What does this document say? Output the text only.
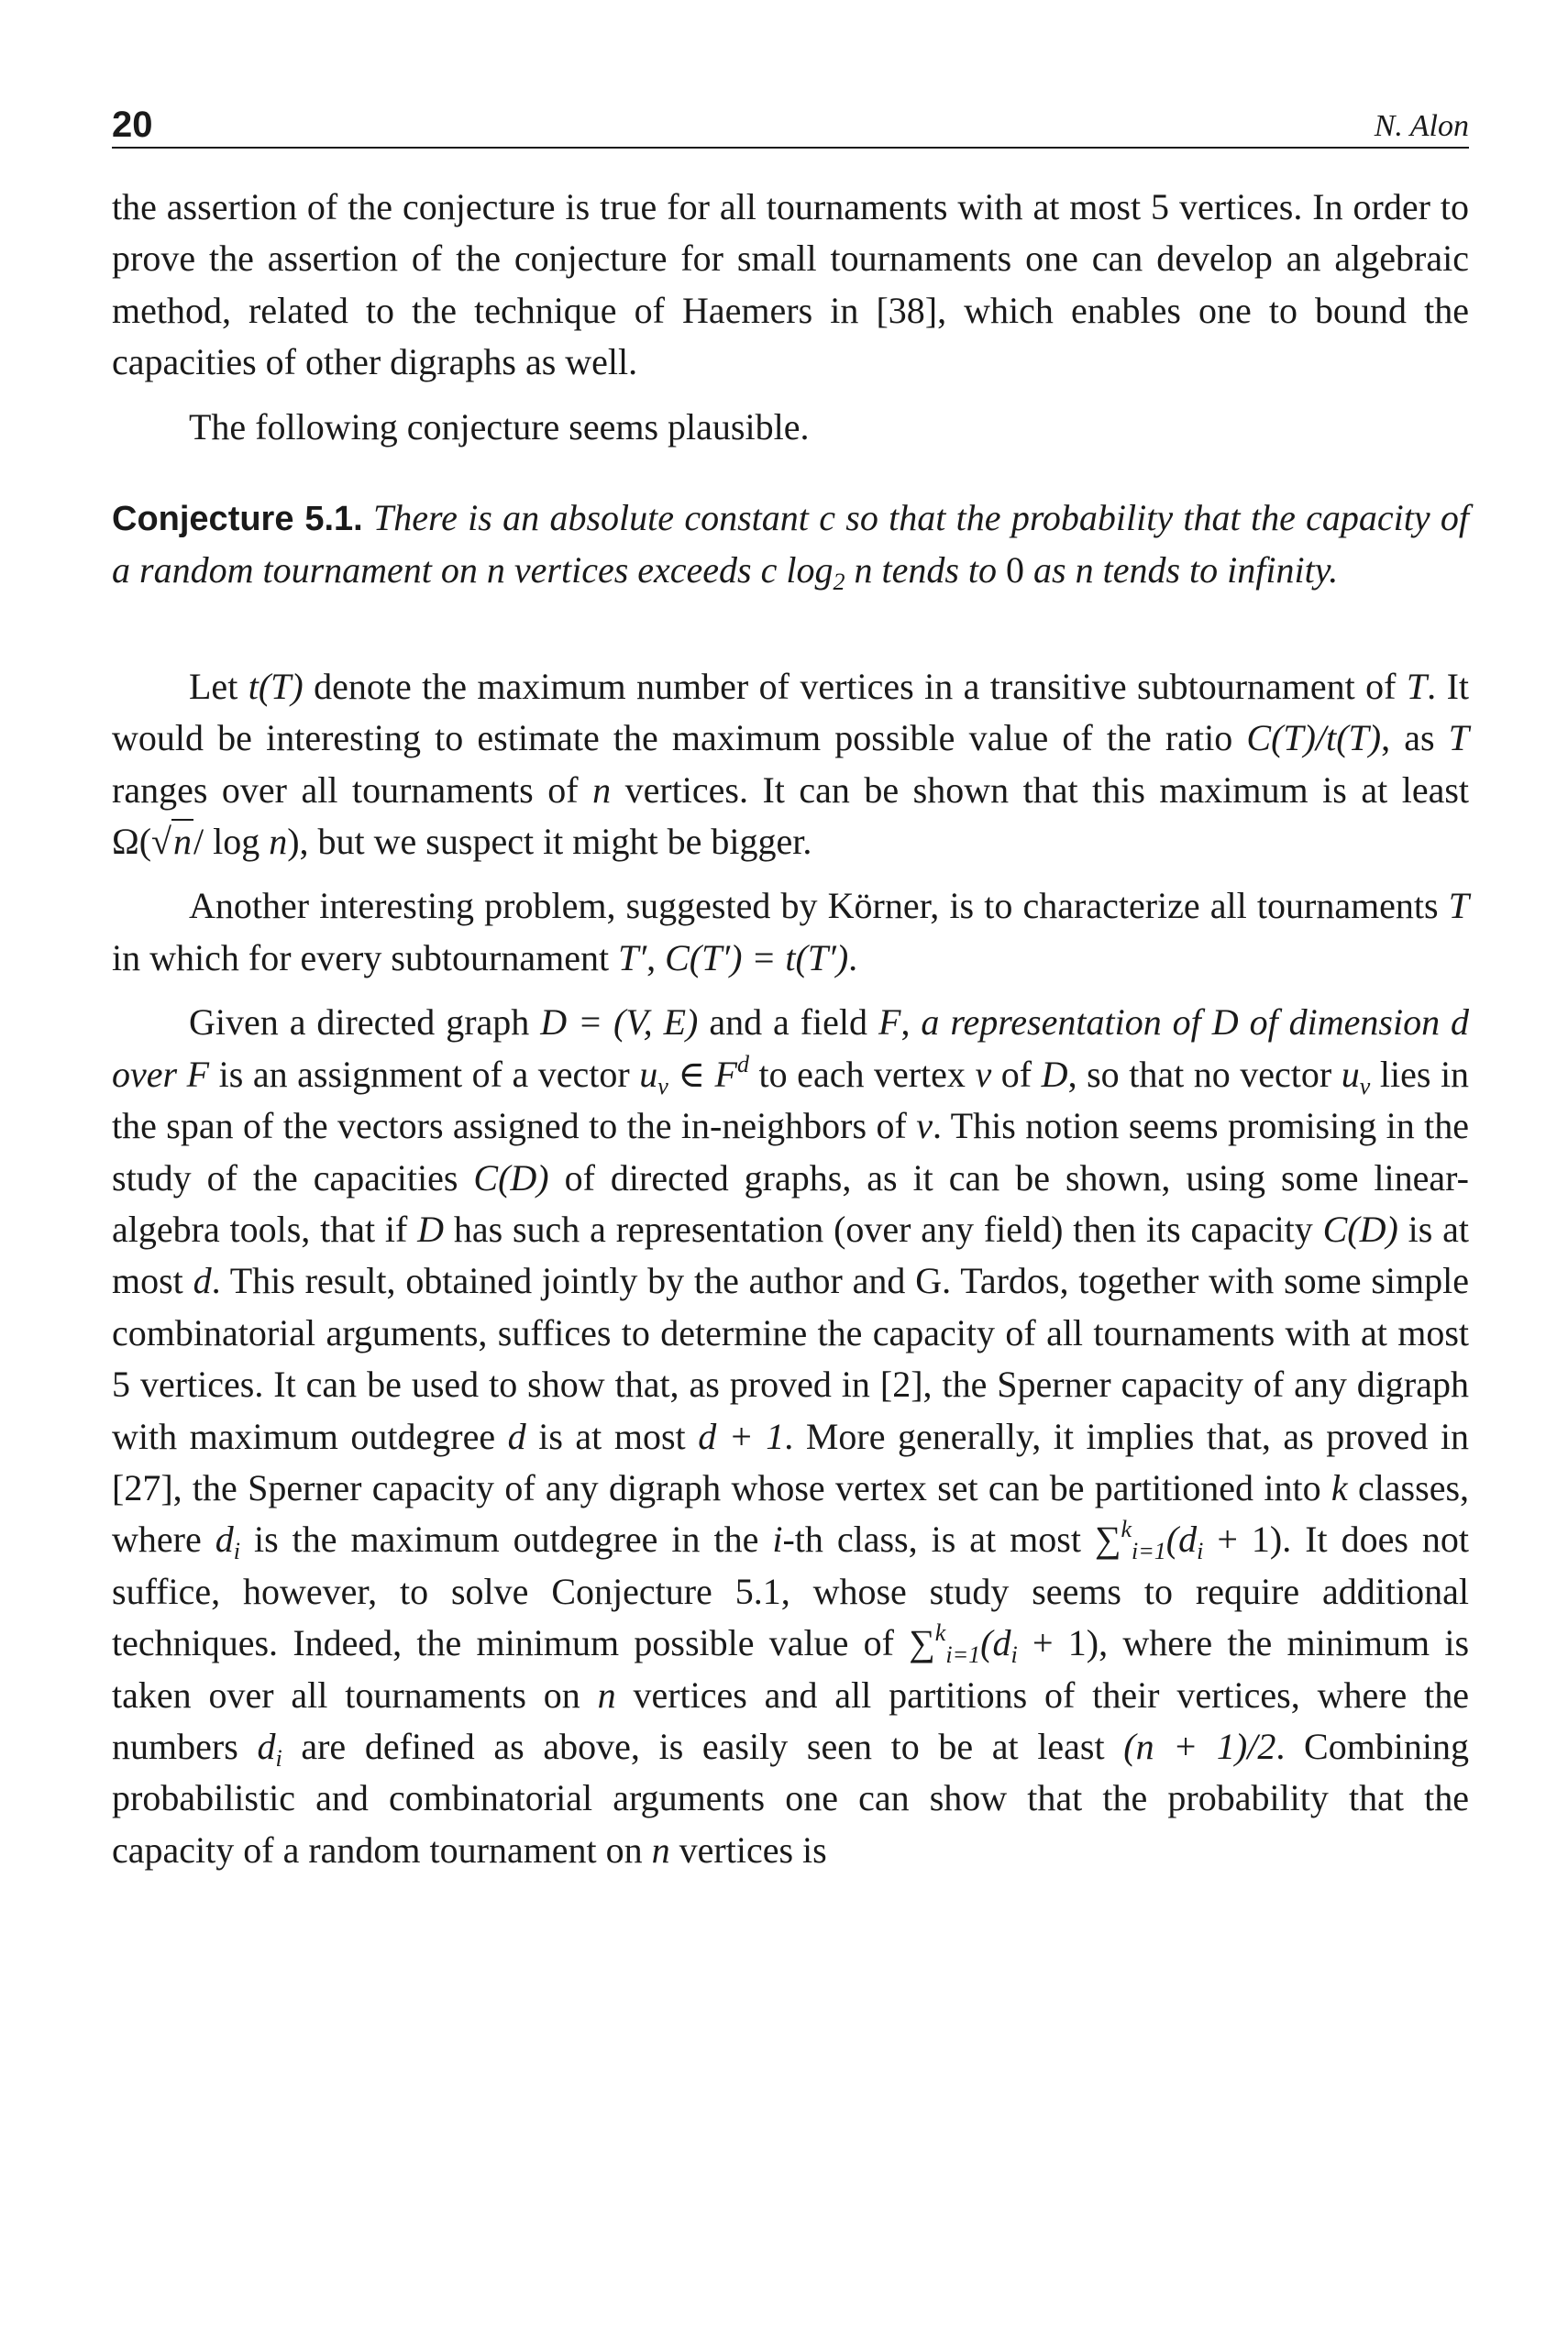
20	N. Alon

the assertion of the conjecture is true for all tournaments with at most 5 vertices. In order to prove the assertion of the conjecture for small tournaments one can develop an algebraic method, related to the technique of Haemers in [38], which enables one to bound the capacities of other digraphs as well.

The following conjecture seems plausible.

Conjecture 5.1. There is an absolute constant c so that the probability that the capacity of a random tournament on n vertices exceeds c $\log_2 n$ tends to 0 as n tends to infinity.

Let t(T) denote the maximum number of vertices in a transitive subtournament of T. It would be interesting to estimate the maximum possible value of the ratio C(T)/t(T), as T ranges over all tournaments of n vertices. It can be shown that this maximum is at least Ω(√n/ log n), but we suspect it might be bigger.

Another interesting problem, suggested by Körner, is to characterize all tournaments T in which for every subtournament T′, C(T′) = t(T′).

Given a directed graph D = (V, E) and a field F, a representation of D of dimension d over F is an assignment of a vector $u_v$ ∈ $F^d$ to each vertex v of D, so that no vector $u_v$ lies in the span of the vectors assigned to the in-neighbors of v. This notion seems promising in the study of the capacities C(D) of directed graphs, as it can be shown, using some linear-algebra tools, that if D has such a representation (over any field) then its capacity C(D) is at most d. This result, obtained jointly by the author and G. Tardos, together with some simple combinatorial arguments, suffices to determine the capacity of all tournaments with at most 5 vertices. It can be used to show that, as proved in [2], the Sperner capacity of any digraph with maximum outdegree d is at most d + 1. More generally, it implies that, as proved in [27], the Sperner capacity of any digraph whose vertex set can be partitioned into k classes, where $d_i$ is the maximum outdegree in the i-th class, is at most $\sum^k_{i=1}(d_i + 1)$. It does not suffice, however, to solve Conjecture 5.1, whose study seems to require additional techniques. Indeed, the minimum possible value of $\sum^k_{i=1}(d_i + 1)$, where the minimum is taken over all tournaments on n vertices and all partitions of their vertices, where the numbers $d_i$ are defined as above, is easily seen to be at least (n + 1)/2. Combining probabilistic and combinatorial arguments one can show that the probability that the capacity of a random tournament on n vertices is
